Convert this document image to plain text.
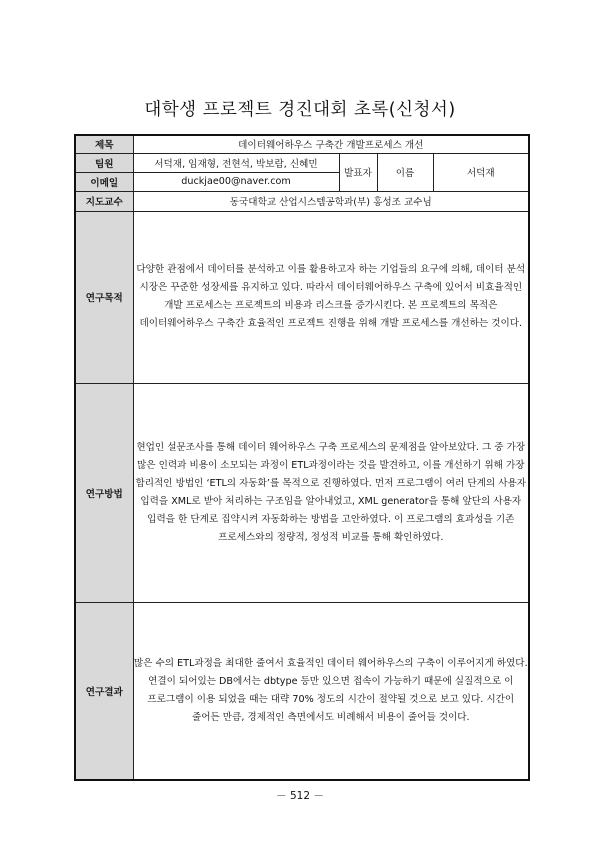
대학생 프로젝트 경진대회 초록(신청서)
제목	데이터웨어하우스 구축간 개발프로세스 개선			
팀원	서덕재, 임재형, 전현석, 박보람, 신혜민	발표자	이름	서덕재
이메일	duckjae00@naver.com			
지도교수	동국대학교 산업시스템공학과(부) 홍성조 교수님			
연구목적	다양한 관점에서 데이터를 분석하고 이를 활용하고자 하는 기업들의 요구에 의해, 데이터 분석 시장은 꾸준한 성장세를 유지하고 있다. 따라서 데이터웨어하우스 구축에 있어서 비효율적인 개발 프로세스는 프로젝트의 비용과 리스크를 증가시킨다. 본 프로젝트의 목적은 데이터웨어하우스 구축간 효율적인 프로젝트 진행을 위해 개발 프로세스를 개선하는 것이다.			
연구방법	현업인 설문조사를 통해 데이터 웨어하우스 구축 프로세스의 문제점을 알아보았다. 그 중 가장 많은 인력과 비용이 소모되는 과정이 ETL과정이라는 것을 발견하고, 이를 개선하기 위해 가장 합리적인 방법인 ‘ETL의 자동화’를 목적으로 진행하였다. 먼저 프로그램이 여러 단계의 사용자 입력을 XML로 받아 처리하는 구조임을 알아내었고, XML generator을 통해 앞단의 사용자 입력을 한 단계로 집약시켜 자동화하는 방법을 고안하였다. 이 프로그램의 효과성을 기존 프로세스와의 정량적, 정성적 비교를 통해 확인하였다.			
연구결과	많은 수의 ETL과정을 최대한 줄여서 효율적인 데이터 웨어하우스의 구축이 이루어지게 하였다. 연결이 되어있는 DB에서는 dbtype 등만 있으면 접속이 가능하기 때문에 실질적으로 이 프로그램이 이용 되었을 때는 대략 70% 정도의 시간이 절약될 것으로 보고 있다. 시간이 줄어든 만큼, 경제적인 측면에서도 비례해서 비용이 줄어들 것이다.			
－ 512 －
